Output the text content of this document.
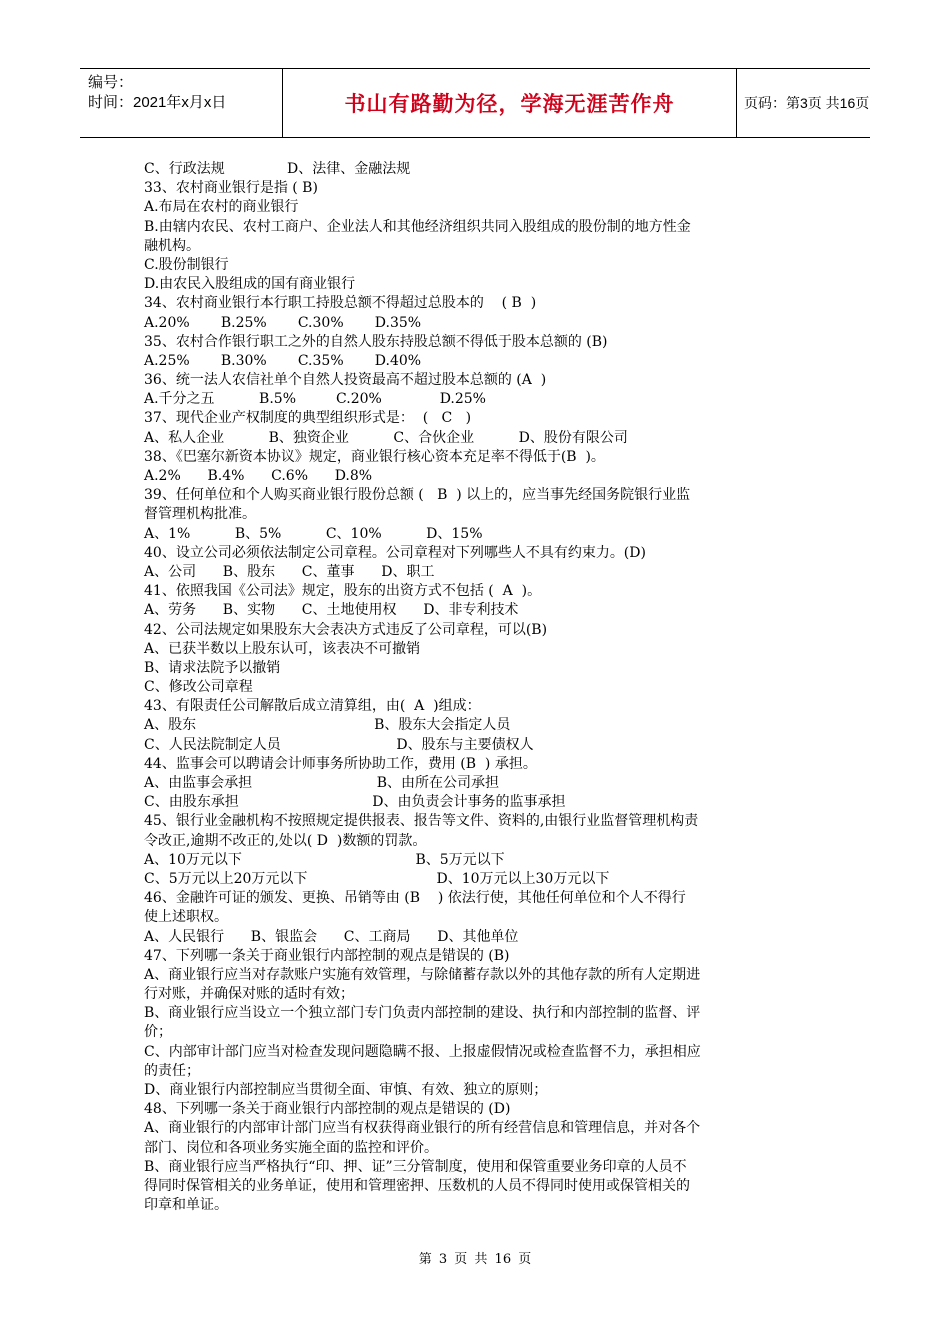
编号：
时间：2021年x月x日	书山有路勤为径，学海无涯苦作舟	页码：第3页 共16页
C、行政法规              D、法律、金融法规
33、农村商业银行是指 ( B)
A.布局在农村的商业银行
B.由辖内农民、农村工商户、企业法人和其他经济组织共同入股组成的股份制的地方性金
融机构。
C.股份制银行
D.由农民入股组成的国有商业银行
34、农村商业银行本行职工持股总额不得超过总股本的    ( B  )
A.20%       B.25%       C.30%       D.35%
35、农村合作银行职工之外的自然人股东持股总额不得低于股本总额的 (B)
A.25%       B.30%       C.35%       D.40%
36、统一法人农信社单个自然人投资最高不超过股本总额的 (A  )
A.千分之五          B.5%         C.20%             D.25%
37、现代企业产权制度的典型组织形式是：  (   C   )
A、私人企业          B、独资企业          C、合伙企业          D、股份有限公司
38、《巴塞尔新资本协议》规定，商业银行核心资本充足率不得低于(B  )。
A.2%      B.4%      C.6%      D.8%
39、任何单位和个人购买商业银行股份总额 (   B  ) 以上的，应当事先经国务院银行业监
督管理机构批准。
A、1%          B、5%          C、10%          D、15%
40、设立公司必须依法制定公司章程。公司章程对下列哪些人不具有约束力。(D)
A、公司      B、股东      C、董事      D、职工
41、依照我国《公司法》规定，股东的出资方式不包括 (  A  )。
A、劳务      B、实物      C、土地使用权      D、非专利技术
42、公司法规定如果股东大会表决方式违反了公司章程，可以(B)
A、已获半数以上股东认可，该表决不可撤销
B、请求法院予以撤销
C、修改公司章程
43、有限责任公司解散后成立清算组，由(  A  )组成：
A、股东                                        B、股东大会指定人员
C、人民法院制定人员                          D、股东与主要债权人
44、监事会可以聘请会计师事务所协助工作，费用 (B  ) 承担。
A、由监事会承担                            B、由所在公司承担
C、由股东承担                              D、由负责会计事务的监事承担
45、银行业金融机构不按照规定提供报表、报告等文件、资料的,由银行业监督管理机构责
令改正,逾期不改正的,处以( D  )数额的罚款。
A、10万元以下                                       B、5万元以下
C、5万元以上20万元以下                             D、10万元以上30万元以下
46、金融许可证的颁发、更换、吊销等由 (B    ) 依法行使，其他任何单位和个人不得行
使上述职权。
A、人民银行      B、银监会      C、工商局      D、其他单位
47、下列哪一条关于商业银行内部控制的观点是错误的 (B)
A、商业银行应当对存款账户实施有效管理，与除储蓄存款以外的其他存款的所有人定期进
行对账，并确保对账的适时有效；
B、商业银行应当设立一个独立部门专门负责内部控制的建设、执行和内部控制的监督、评
价；
C、内部审计部门应当对检查发现问题隐瞒不报、上报虚假情况或检查监督不力，承担相应
的责任；
D、商业银行内部控制应当贯彻全面、审慎、有效、独立的原则；
48、下列哪一条关于商业银行内部控制的观点是错误的 (D)
A、商业银行的内部审计部门应当有权获得商业银行的所有经营信息和管理信息，并对各个
部门、岗位和各项业务实施全面的监控和评价。
B、商业银行应当严格执行“印、押、证”三分管制度，使用和保管重要业务印章的人员不
得同时保管相关的业务单证，使用和管理密押、压数机的人员不得同时使用或保管相关的
印章和单证。
第 3 页 共 16 页
